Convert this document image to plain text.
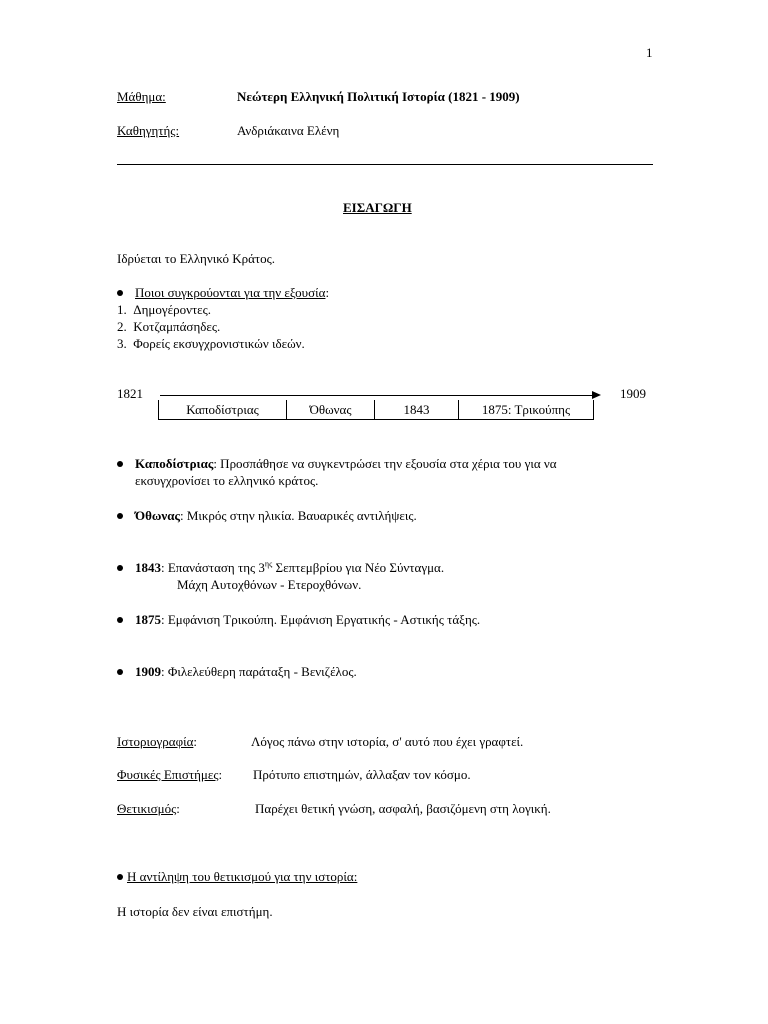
1
Μάθημα:	Νεώτερη Ελληνική Πολιτική Ιστορία (1821 - 1909)
Καθηγητής:	Ανδριάκαινα Ελένη
ΕΙΣΑΓΩΓΗ
Ιδρύεται το Ελληνικό Κράτος.
Ποιοι συγκρούονται για την εξουσία:
1.  Δημογέροντες.
2.  Κοτζαμπάσηδες.
3.  Φορείς εκσυγχρονιστικών ιδεών.
1821	1909
Καποδίστριας	Όθωνας	1843	1875: Τρικούπης
Καποδίστριας: Προσπάθησε να συγκεντρώσει την εξουσία στα χέρια του για να
εκσυγχρονίσει το ελληνικό κράτος.
Όθωνας: Μικρός στην ηλικία. Βαυαρικές αντιλήψεις.
1843: Επανάσταση της $3^{\eta\varsigma}$ Σεπτεμβρίου για Νέο Σύνταγμα.
Μάχη Αυτοχθόνων - Ετεροχθόνων.
1875: Εμφάνιση Τρικούπη. Εμφάνιση Εργατικής - Αστικής τάξης.
1909: Φιλελεύθερη παράταξη - Βενιζέλος.
Ιστοριογραφία:	Λόγος πάνω στην ιστορία, σ' αυτό που έχει γραφτεί.
Φυσικές Επιστήμες: Πρότυπο επιστημών, άλλαξαν τον κόσμο.
Θετικισμός:	Παρέχει θετική γνώση, ασφαλή, βασιζόμενη στη λογική.
Η αντίληψη του θετικισμού για την ιστορία:
Η ιστορία δεν είναι επιστήμη.
